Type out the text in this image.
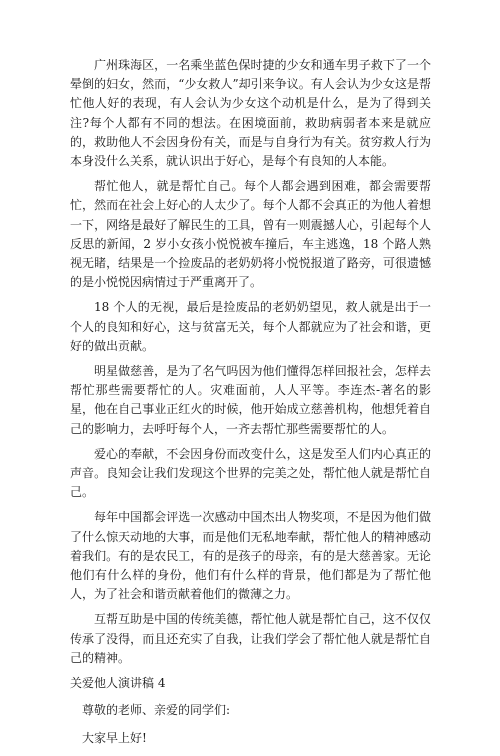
广州珠海区，一名乘坐蓝色保时捷的少女和通车男子救下了一个晕倒的妇女，然而，“少女救人”却引来争议。有人会认为少女这是帮忙他人好的表现，有人会认为少女这个动机是什么，是为了得到关注?每个人都有不同的想法。在困境面前，救助病弱者本来是就应的，救助他人不会因身份有关，而是与自身行为有关。贫穷救人行为本身没什么关系，就认识出于好心，是每个有良知的人本能。

帮忙他人，就是帮忙自己。每个人都会遇到困难，都会需要帮忙，然而在社会上好心的人太少了。每个人都不会真正的为他人着想一下，网络是最好了解民生的工具，曾有一则震撼人心，引起每个人反思的新闻，2 岁小女孩小悦悦被车撞后，车主逃逸，18 个路人熟视无睹，结果是一个捡废品的老奶奶将小悦悦报道了路旁，可很遗憾的是小悦悦因病情过于严重离开了。

18 个人的无视，最后是捡废品的老奶奶望见，救人就是出于一个人的良知和好心，这与贫富无关，每个人都就应为了社会和谐，更好的做出贡献。

明星做慈善，是为了名气吗因为他们懂得怎样回报社会，怎样去帮忙那些需要帮忙的人。灾难面前，人人平等。李连杰-著名的影星，他在自己事业正红火的时候，他开始成立慈善机构，他想凭着自己的影响力，去呼吁每个人，一齐去帮忙那些需要帮忙的人。

爱心的奉献，不会因身份而改变什么，这是发至人们内心真正的声音。良知会让我们发现这个世界的完美之处，帮忙他人就是帮忙自己。

每年中国都会评选一次感动中国杰出人物奖项，不是因为他们做了什么惊天动地的大事，而是他们无私地奉献，帮忙他人的精神感动着我们。有的是农民工，有的是孩子的母亲，有的是大慈善家。无论他们有什么样的身份，他们有什么样的背景，他们都是为了帮忙他人，为了社会和谐贡献着他们的微薄之力。

互帮互助是中国的传统美德，帮忙他人就是帮忙自己，这不仅仅传承了没得，而且还充实了自我，让我们学会了帮忙他人就是帮忙自己的精神。

关爱他人演讲稿 4
尊敬的老师、亲爱的同学们:
大家早上好!
